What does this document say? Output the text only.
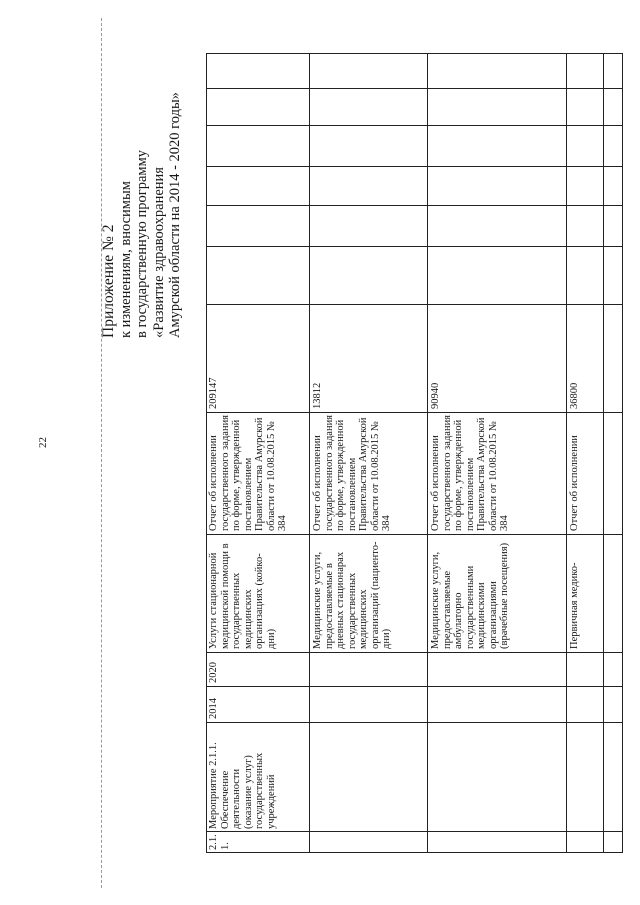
22
Приложение № 2 к изменениям, вносимым в государственную программу «Развитие здравоохранения Амурской области на 2014 - 2020 годы»
2.1.1.
Мероприятие 2.1.1. Обеспечение деятельности (оказание услуг) государственных учреждений
2014
2020
Услуги стационарной медицинской помощи в государственных медицинских организациях (койко-дни)
Отчет об исполнении государственного задания по форме, утвержденной постановлением Правительства Амурской области от 10.08.2015 № 384
209147
Медицинские услуги, предоставляемые в дневных стационарах государственных медицинских организаций (пациенто-дни)
Отчет об исполнении государственного задания по форме, утвержденной постановлением Правительства Амурской области от 10.08.2015 № 384
13812
Медицинские услуги, предоставляемые амбулаторно государственными медицинскими организациями (врачебные посещения)
Отчет об исполнении государственного задания по форме, утвержденной постановлением Правительства Амурской области от 10.08.2015 № 384
90940
Первичная медико-
Отчет об исполнении
36800
